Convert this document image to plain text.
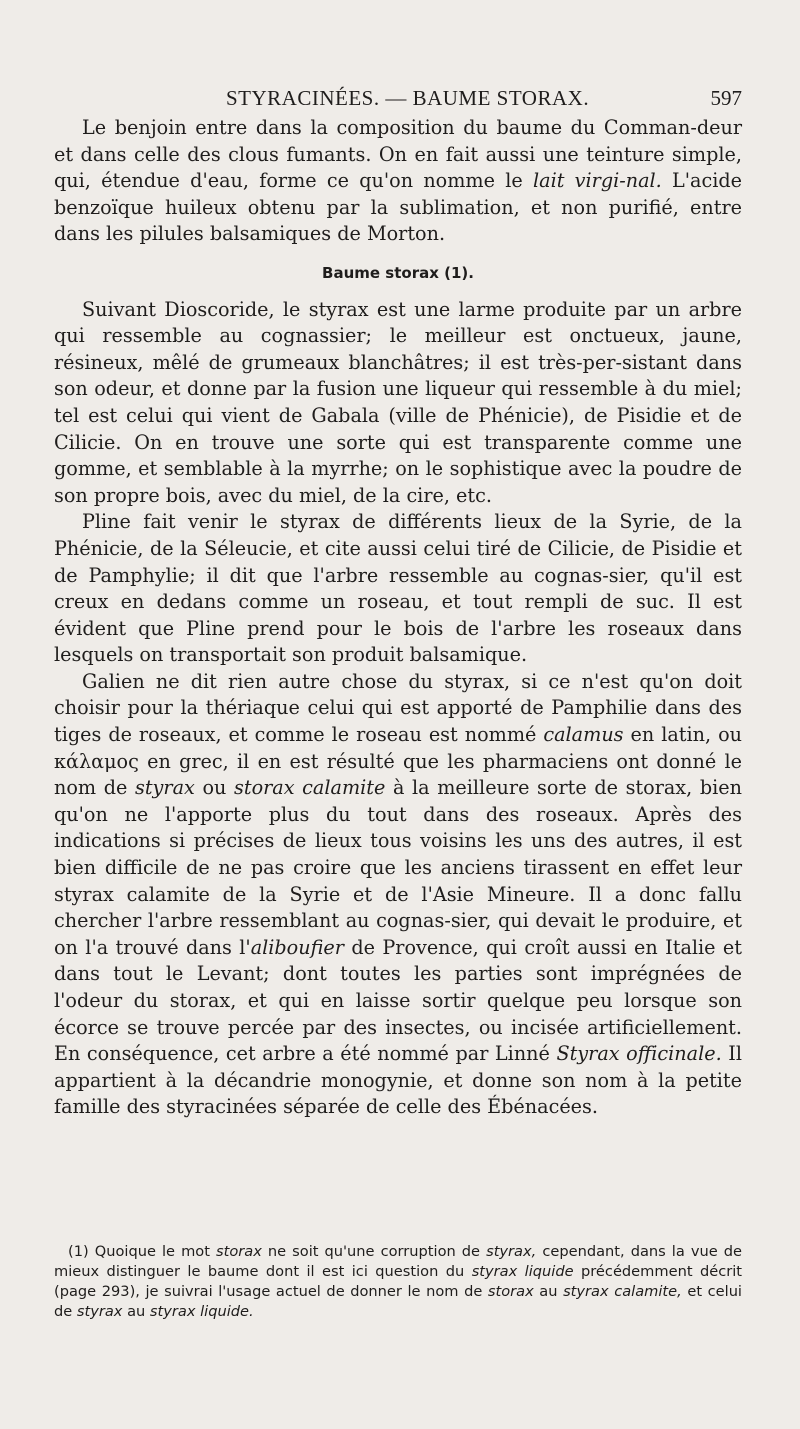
STYRACINÉES. — BAUME STORAX.	597

Le benjoin entre dans la composition du baume du Comman-deur et dans celle des clous fumants. On en fait aussi une teinture simple, qui, étendue d'eau, forme ce qu'on nomme le lait virgi-nal. L'acide benzoïque huileux obtenu par la sublimation, et non purifié, entre dans les pilules balsamiques de Morton.

Baume storax (1).

Suivant Dioscoride, le styrax est une larme produite par un arbre qui ressemble au cognassier; le meilleur est onctueux, jaune, résineux, mêlé de grumeaux blanchâtres; il est très-per-sistant dans son odeur, et donne par la fusion une liqueur qui ressemble à du miel; tel est celui qui vient de Gabala (ville de Phénicie), de Pisidie et de Cilicie. On en trouve une sorte qui est transparente comme une gomme, et semblable à la myrrhe; on le sophistique avec la poudre de son propre bois, avec du miel, de la cire, etc.

Pline fait venir le styrax de différents lieux de la Syrie, de la Phénicie, de la Séleucie, et cite aussi celui tiré de Cilicie, de Pisidie et de Pamphylie; il dit que l'arbre ressemble au cognas-sier, qu'il est creux en dedans comme un roseau, et tout rempli de suc. Il est évident que Pline prend pour le bois de l'arbre les roseaux dans lesquels on transportait son produit balsamique.

Galien ne dit rien autre chose du styrax, si ce n'est qu'on doit choisir pour la thériaque celui qui est apporté de Pamphilie dans des tiges de roseaux, et comme le roseau est nommé calamus en latin, ou κάλαμος en grec, il en est résulté que les pharmaciens ont donné le nom de styrax ou storax calamite à la meilleure sorte de storax, bien qu'on ne l'apporte plus du tout dans des roseaux. Après des indications si précises de lieux tous voisins les uns des autres, il est bien difficile de ne pas croire que les anciens tirassent en effet leur styrax calamite de la Syrie et de l'Asie Mineure. Il a donc fallu chercher l'arbre ressemblant au cognas-sier, qui devait le produire, et on l'a trouvé dans l'aliboufier de Provence, qui croît aussi en Italie et dans tout le Levant; dont toutes les parties sont imprégnées de l'odeur du storax, et qui en laisse sortir quelque peu lorsque son écorce se trouve percée par des insectes, ou incisée artificiellement. En conséquence, cet arbre a été nommé par Linné Styrax officinale. Il appartient à la décandrie monogynie, et donne son nom à la petite famille des styracinées séparée de celle des Ébénacées.

(1) Quoique le mot storax ne soit qu'une corruption de styrax, cependant, dans la vue de mieux distinguer le baume dont il est ici question du styrax liquide précédemment décrit (page 293), je suivrai l'usage actuel de donner le nom de storax au styrax calamite, et celui de styrax au styrax liquide.
